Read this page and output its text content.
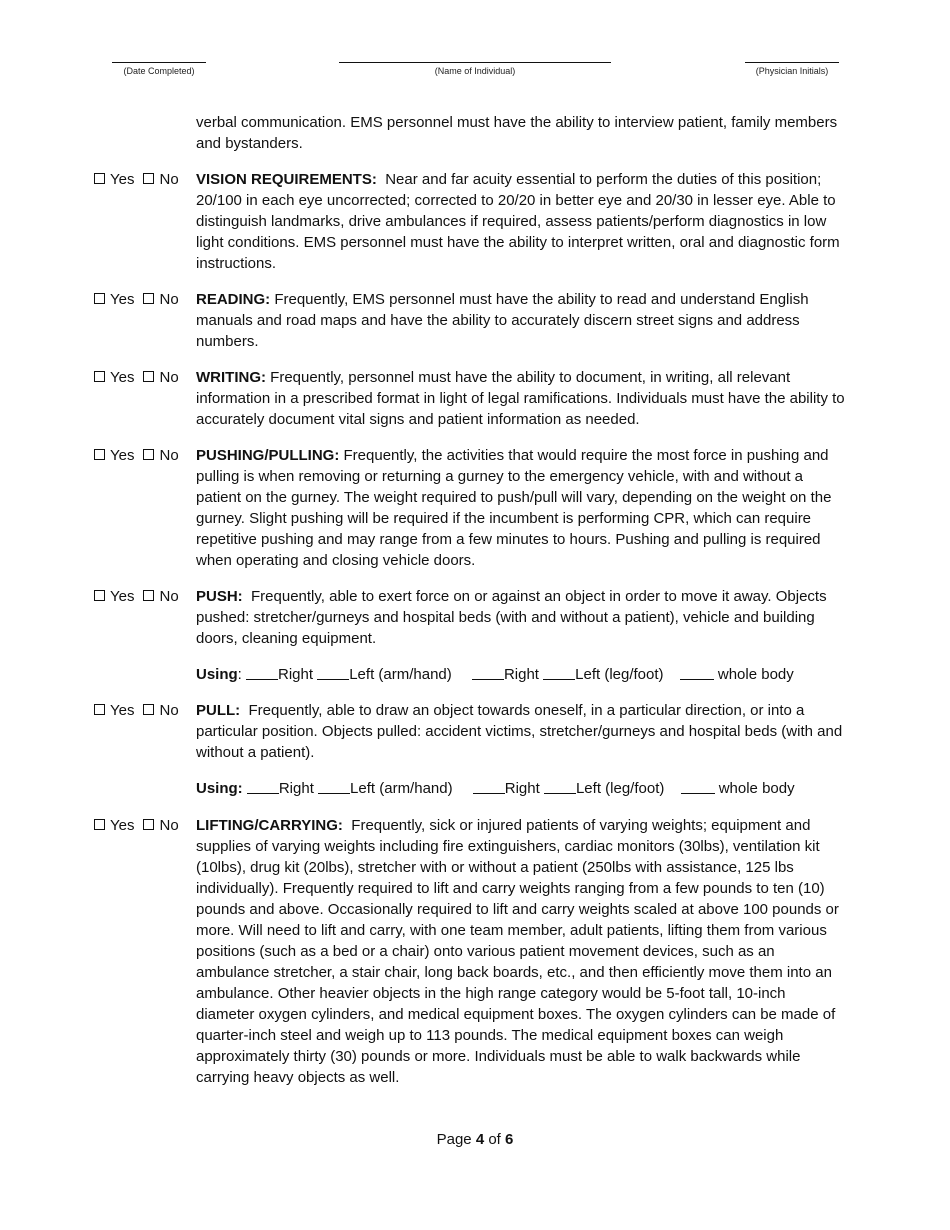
(Date Completed)	(Name of Individual)	(Physician Initials)
verbal communication. EMS personnel must have the ability to interview patient, family members and bystanders.
Yes No VISION REQUIREMENTS: Near and far acuity essential to perform the duties of this position; 20/100 in each eye uncorrected; corrected to 20/20 in better eye and 20/30 in lesser eye. Able to distinguish landmarks, drive ambulances if required, assess patients/perform diagnostics in low light conditions. EMS personnel must have the ability to interpret written, oral and diagnostic form instructions.
Yes No READING: Frequently, EMS personnel must have the ability to read and understand English manuals and road maps and have the ability to accurately discern street signs and address numbers.
Yes No WRITING: Frequently, personnel must have the ability to document, in writing, all relevant information in a prescribed format in light of legal ramifications. Individuals must have the ability to accurately document vital signs and patient information as needed.
Yes No PUSHING/PULLING: Frequently, the activities that would require the most force in pushing and pulling is when removing or returning a gurney to the emergency vehicle, with and without a patient on the gurney. The weight required to push/pull will vary, depending on the weight on the gurney. Slight pushing will be required if the incumbent is performing CPR, which can require repetitive pushing and may range from a few minutes to hours. Pushing and pulling is required when operating and closing vehicle doors.
Yes No PUSH: Frequently, able to exert force on or against an object in order to move it away. Objects pushed: stretcher/gurneys and hospital beds (with and without a patient), vehicle and building doors, cleaning equipment.
Using: Right Left (arm/hand)	Right Left (leg/foot)	whole body
Yes No PULL: Frequently, able to draw an object towards oneself, in a particular direction, or into a particular position. Objects pulled: accident victims, stretcher/gurneys and hospital beds (with and without a patient).
Using: Right Left (arm/hand)	Right Left (leg/foot)	whole body
Yes No LIFTING/CARRYING: Frequently, sick or injured patients of varying weights; equipment and supplies of varying weights including fire extinguishers, cardiac monitors (30lbs), ventilation kit (10lbs), drug kit (20lbs), stretcher with or without a patient (250lbs with assistance, 125 lbs individually). Frequently required to lift and carry weights ranging from a few pounds to ten (10) pounds and above. Occasionally required to lift and carry weights scaled at above 100 pounds or more. Will need to lift and carry, with one team member, adult patients, lifting them from various positions (such as a bed or a chair) onto various patient movement devices, such as an ambulance stretcher, a stair chair, long back boards, etc., and then efficiently move them into an ambulance. Other heavier objects in the high range category would be 5-foot tall, 10-inch diameter oxygen cylinders, and medical equipment boxes. The oxygen cylinders can be made of quarter-inch steel and weigh up to 113 pounds. The medical equipment boxes can weigh approximately thirty (30) pounds or more. Individuals must be able to walk backwards while carrying heavy objects as well.
Page 4 of 6
